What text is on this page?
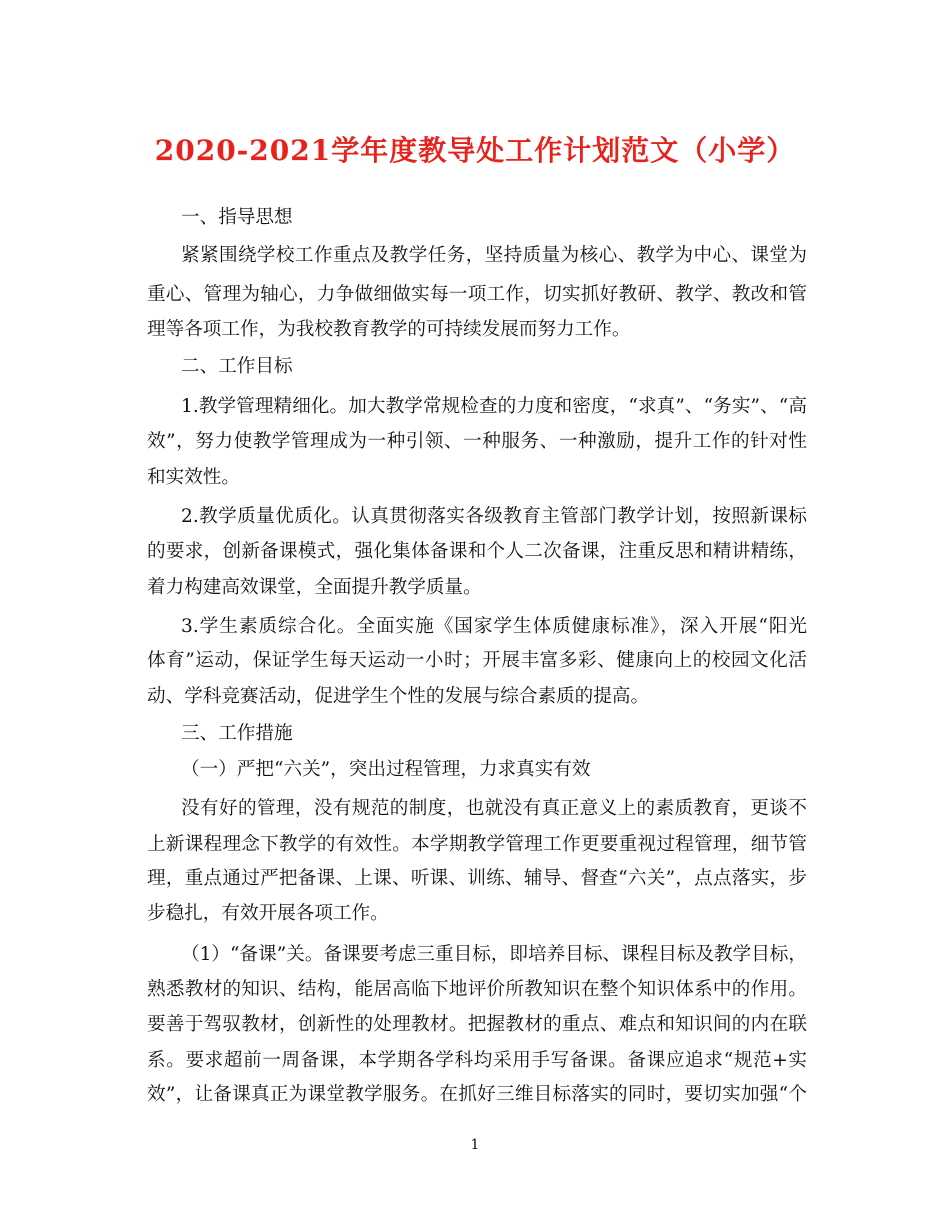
2020-2021学年度教导处工作计划范文（小学）
一、指导思想
紧紧围绕学校工作重点及教学任务，坚持质量为核心、教学为中心、课堂为
重心、管理为轴心，力争做细做实每一项工作，切实抓好教研、教学、教改和管
理等各项工作，为我校教育教学的可持续发展而努力工作。
二、工作目标
1.教学管理精细化。加大教学常规检查的力度和密度，“求真”、“务实”、“高
效”，努力使教学管理成为一种引领、一种服务、一种激励，提升工作的针对性
和实效性。
2.教学质量优质化。认真贯彻落实各级教育主管部门教学计划，按照新课标
的要求，创新备课模式，强化集体备课和个人二次备课，注重反思和精讲精练，
着力构建高效课堂，全面提升教学质量。
3.学生素质综合化。全面实施《国家学生体质健康标准》，深入开展“阳光
体育”运动，保证学生每天运动一小时；开展丰富多彩、健康向上的校园文化活
动、学科竞赛活动，促进学生个性的发展与综合素质的提高。
三、工作措施
（一）严把“六关”，突出过程管理，力求真实有效
没有好的管理，没有规范的制度，也就没有真正意义上的素质教育，更谈不
上新课程理念下教学的有效性。本学期教学管理工作更要重视过程管理，细节管
理，重点通过严把备课、上课、听课、训练、辅导、督查“六关”，点点落实，步
步稳扎，有效开展各项工作。
（1）“备课”关。备课要考虑三重目标，即培养目标、课程目标及教学目标，
熟悉教材的知识、结构，能居高临下地评价所教知识在整个知识体系中的作用。
要善于驾驭教材，创新性的处理教材。把握教材的重点、难点和知识间的内在联
系。要求超前一周备课，本学期各学科均采用手写备课。备课应追求“规范+实
效”，让备课真正为课堂教学服务。在抓好三维目标落实的同时，要切实加强“个
1
